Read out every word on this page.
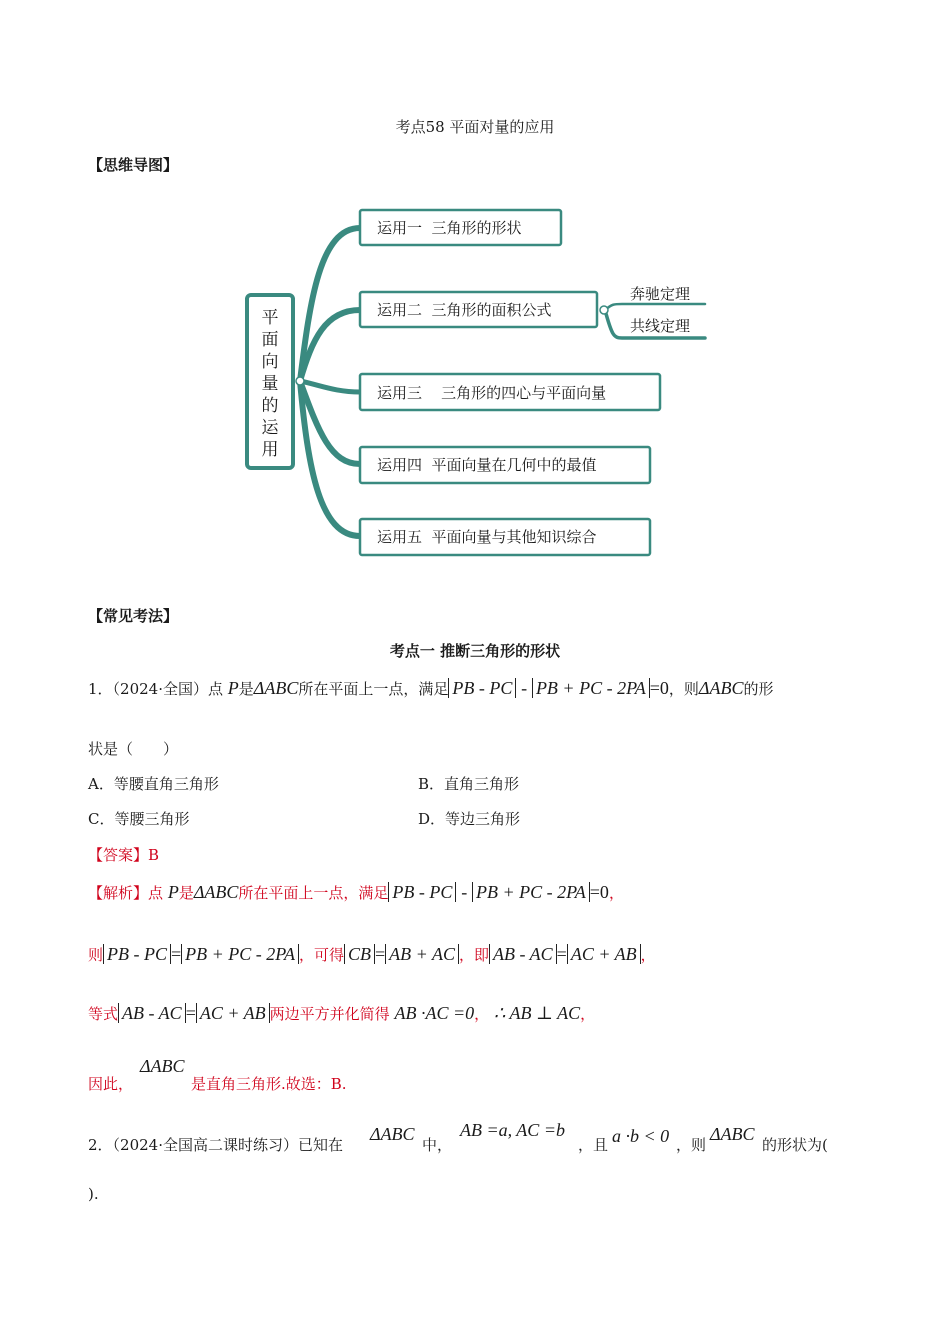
考点58 平面对量的应用
【思维导图】
平
面
向
量
的
运
用
运用一  三角形的形状
运用二  三角形的面积公式
运用三    三角形的四心与平面向量
运用四  平面向量在几何中的最值
运用五  平面向量与其他知识综合
奔驰定理
共线定理
【常见考法】
考点一 推断三角形的形状
1．（2024·全国）点 P是ΔABC所在平面上一点，满足 PB - PC - PB + PC - 2PA =0，则ΔABC的形
状是（　　）
A．等腰直角三角形	B．直角三角形
C．等腰三角形	D．等边三角形
【答案】B
【解析】点 P是ΔABC所在平面上一点，满足 PB - PC - PB + PC - 2PA =0，
则 PB - PC = PB + PC - 2PA ，可得 CB = AB + AC ，即 AB - AC = AC + AB ，
等式 AB - AC = AC + AB 两边平方并化简得 AB ·AC =0， ∴ AB ⊥ AC，
ΔABC
因此，	是直角三角形.故选：B.
ΔABC	AB =a, AC =b	a ·b < 0 ΔABC
2．（2024·全国高二课时练习）已知在	中，	，且	，则	的形状为(
).
